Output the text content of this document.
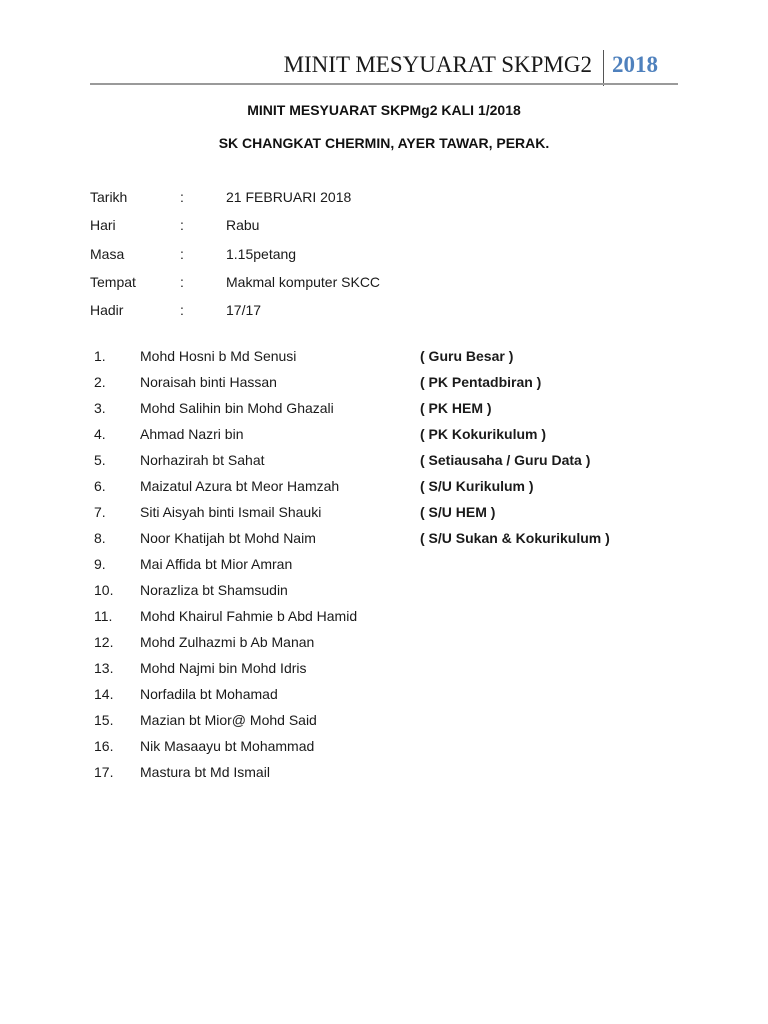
MINIT MESYUARAT SKPMG2 2018
MINIT MESYUARAT SKPMg2 KALI 1/2018
SK CHANGKAT CHERMIN, AYER TAWAR, PERAK.
Tarikh	:	21 FEBRUARI 2018
Hari	:	Rabu
Masa	:	1.15petang
Tempat	:	Makmal komputer SKCC
Hadir	:	17/17
1.	Mohd Hosni b Md Senusi	( Guru Besar )
2.	Noraisah binti Hassan	( PK Pentadbiran )
3.	Mohd Salihin bin Mohd Ghazali	( PK HEM )
4.	Ahmad Nazri bin	( PK Kokurikulum )
5.	Norhazirah bt Sahat	( Setiausaha / Guru Data )
6.	Maizatul Azura bt Meor Hamzah	( S/U Kurikulum )
7.	Siti Aisyah binti Ismail Shauki	( S/U HEM )
8.	Noor Khatijah bt Mohd Naim	( S/U Sukan & Kokurikulum )
9.	Mai Affida bt Mior Amran
10.	Norazliza bt Shamsudin
11.	Mohd Khairul Fahmie b Abd Hamid
12.	Mohd Zulhazmi b Ab Manan
13.	Mohd Najmi bin Mohd Idris
14.	Norfadila bt Mohamad
15.	Mazian bt Mior@ Mohd Said
16.	Nik Masaayu bt Mohammad
17.	Mastura bt Md Ismail
